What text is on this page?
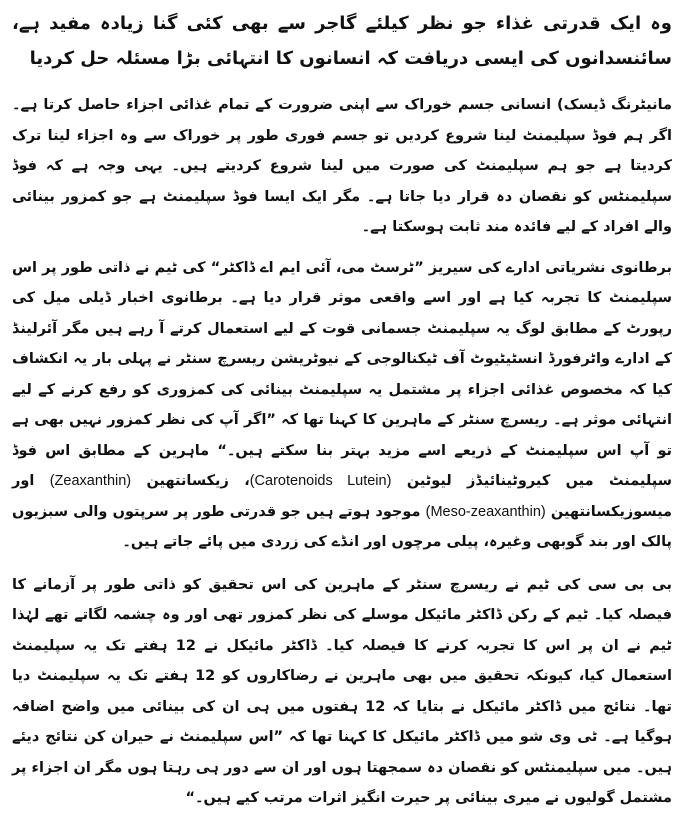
وہ ایک قدرتی غذاء جو نظر کیلئے گاجر سے بھی کئی گنا زیادہ مفید ہے، سائنسدانوں کی ایسی دریافت کہ انسانوں کا انتہائی بڑا مسئلہ حل کردیا

مانیٹرنگ ڈیسک) انسانی جسم خوراک سے اپنی ضرورت کے تمام غذائی اجزاء حاصل کرتا ہے۔ اگر ہم فوڈ سپلیمنٹ لینا شروع کردیں تو جسم فوری طور پر خوراک سے وہ اجزاء لینا ترک کردیتا ہے جو ہم سپلیمنٹ کی صورت میں لینا شروع کردیتے ہیں۔ یہی وجہ ہے کہ فوڈ سپلیمنٹس کو نقصان دہ قرار دیا جاتا ہے۔ مگر ایک ایسا فوڈ سپلیمنٹ ہے جو کمزور بینائی والے افراد کے لیے فائدہ مند ثابت ہوسکتا ہے۔

برطانوی نشریاتی ادارے کی سیریز ”ٹرسٹ می، آئی ایم اے ڈاکٹر“ کی ٹیم نے ذاتی طور پر اس سپلیمنٹ کا تجربہ کیا ہے اور اسے واقعی موثر قرار دیا ہے۔ برطانوی اخبار ڈیلی میل کی رپورٹ کے مطابق لوگ یہ سپلیمنٹ جسمانی قوت کے لیے استعمال کرتے آ رہے ہیں مگر آئرلینڈ کے ادارے واٹرفورڈ انسٹیٹیوٹ آف ٹیکنالوجی کے نیوٹریشن ریسرچ سنٹر نے پہلی بار یہ انکشاف کیا کہ مخصوص غذائی اجزاء پر مشتمل یہ سپلیمنٹ بینائی کی کمزوری کو رفع کرنے کے لیے انتہائی موثر ہے۔ ریسرچ سنٹر کے ماہرین کا کہنا تھا کہ ”اگر آپ کی نظر کمزور نہیں بھی ہے تو آپ اس سپلیمنٹ کے ذریعے اسے مزید بہتر بنا سکتے ہیں۔“ ماہرین کے مطابق اس فوڈ سپلیمنٹ میں کیروٹینائیڈز لیوٹین (Carotenoids Lutein)، زیکسانتھین (Zeaxanthin) اور میسوزیکسانتھین (Meso-zeaxanthin) موجود ہوتے ہیں جو قدرتی طور پر سرپتوں والی سبزیوں پالک اور بند گوبھی وغیرہ، پیلی مرچوں اور انڈے کی زردی میں پائے جاتے ہیں۔

بی بی سی کی ٹیم نے ریسرچ سنٹر کے ماہرین کی اس تحقیق کو ذاتی طور پر آزمانے کا فیصلہ کیا۔ ٹیم کے رکن ڈاکٹر مائیکل موسلے کی نظر کمزور تھی اور وہ چشمہ لگاتے تھے لہٰذا ٹیم نے ان پر اس کا تجربہ کرنے کا فیصلہ کیا۔ ڈاکٹر مائیکل نے 12 ہفتے تک یہ سپلیمنٹ استعمال کیا، کیونکہ تحقیق میں بھی ماہرین نے رضاکاروں کو 12 ہفتے تک یہ سپلیمنٹ دیا تھا۔ نتائج میں ڈاکٹر مائیکل نے بتایا کہ 12 ہفتوں میں ہی ان کی بینائی میں واضح اضافہ ہوگیا ہے۔ ٹی وی شو میں ڈاکٹر مائیکل کا کہنا تھا کہ ”اس سپلیمنٹ نے حیران کن نتائج دیئے ہیں۔ میں سپلیمنٹس کو نقصان دہ سمجھتا ہوں اور ان سے دور ہی رہتا ہوں مگر ان اجزاء پر مشتمل گولیوں نے میری بینائی پر حیرت انگیز اثرات مرتب کیے ہیں۔“
